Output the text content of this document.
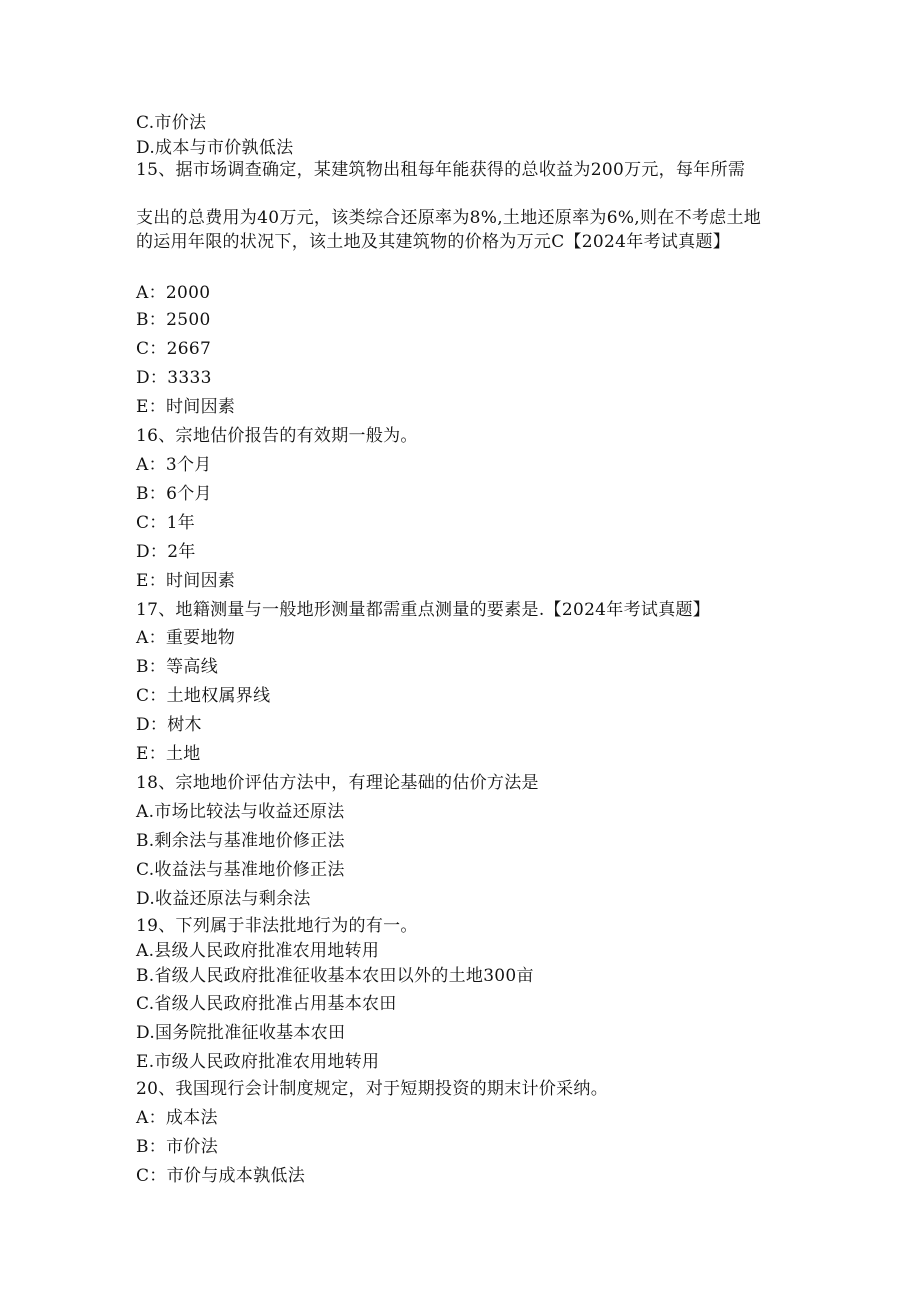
C.市价法
D.成本与市价孰低法
15、据市场调查确定，某建筑物出租每年能获得的总收益为200万元，每年所需
支出的总费用为40万元，该类综合还原率为8%,土地还原率为6%,则在不考虑土地的运用年限的状况下，该土地及其建筑物的价格为万元C【2024年考试真题】
A：2000
B：2500
C：2667
D：3333
E：时间因素
16、宗地估价报告的有效期一般为。
A：3个月
B：6个月
C：1年
D：2年
E：时间因素
17、地籍测量与一般地形测量都需重点测量的要素是.【2024年考试真题】
A：重要地物
B：等高线
C：土地权属界线
D：树木
E：土地
18、宗地地价评估方法中，有理论基础的估价方法是
A.市场比较法与收益还原法
B.剩余法与基准地价修正法
C.收益法与基准地价修正法
D.收益还原法与剩余法
19、下列属于非法批地行为的有一。
A.县级人民政府批准农用地转用
B.省级人民政府批准征收基本农田以外的土地300亩
C.省级人民政府批准占用基本农田
D.国务院批准征收基本农田
E.市级人民政府批准农用地转用
20、我国现行会计制度规定，对于短期投资的期末计价采纳。
A：成本法
B：市价法
C：市价与成本孰低法
